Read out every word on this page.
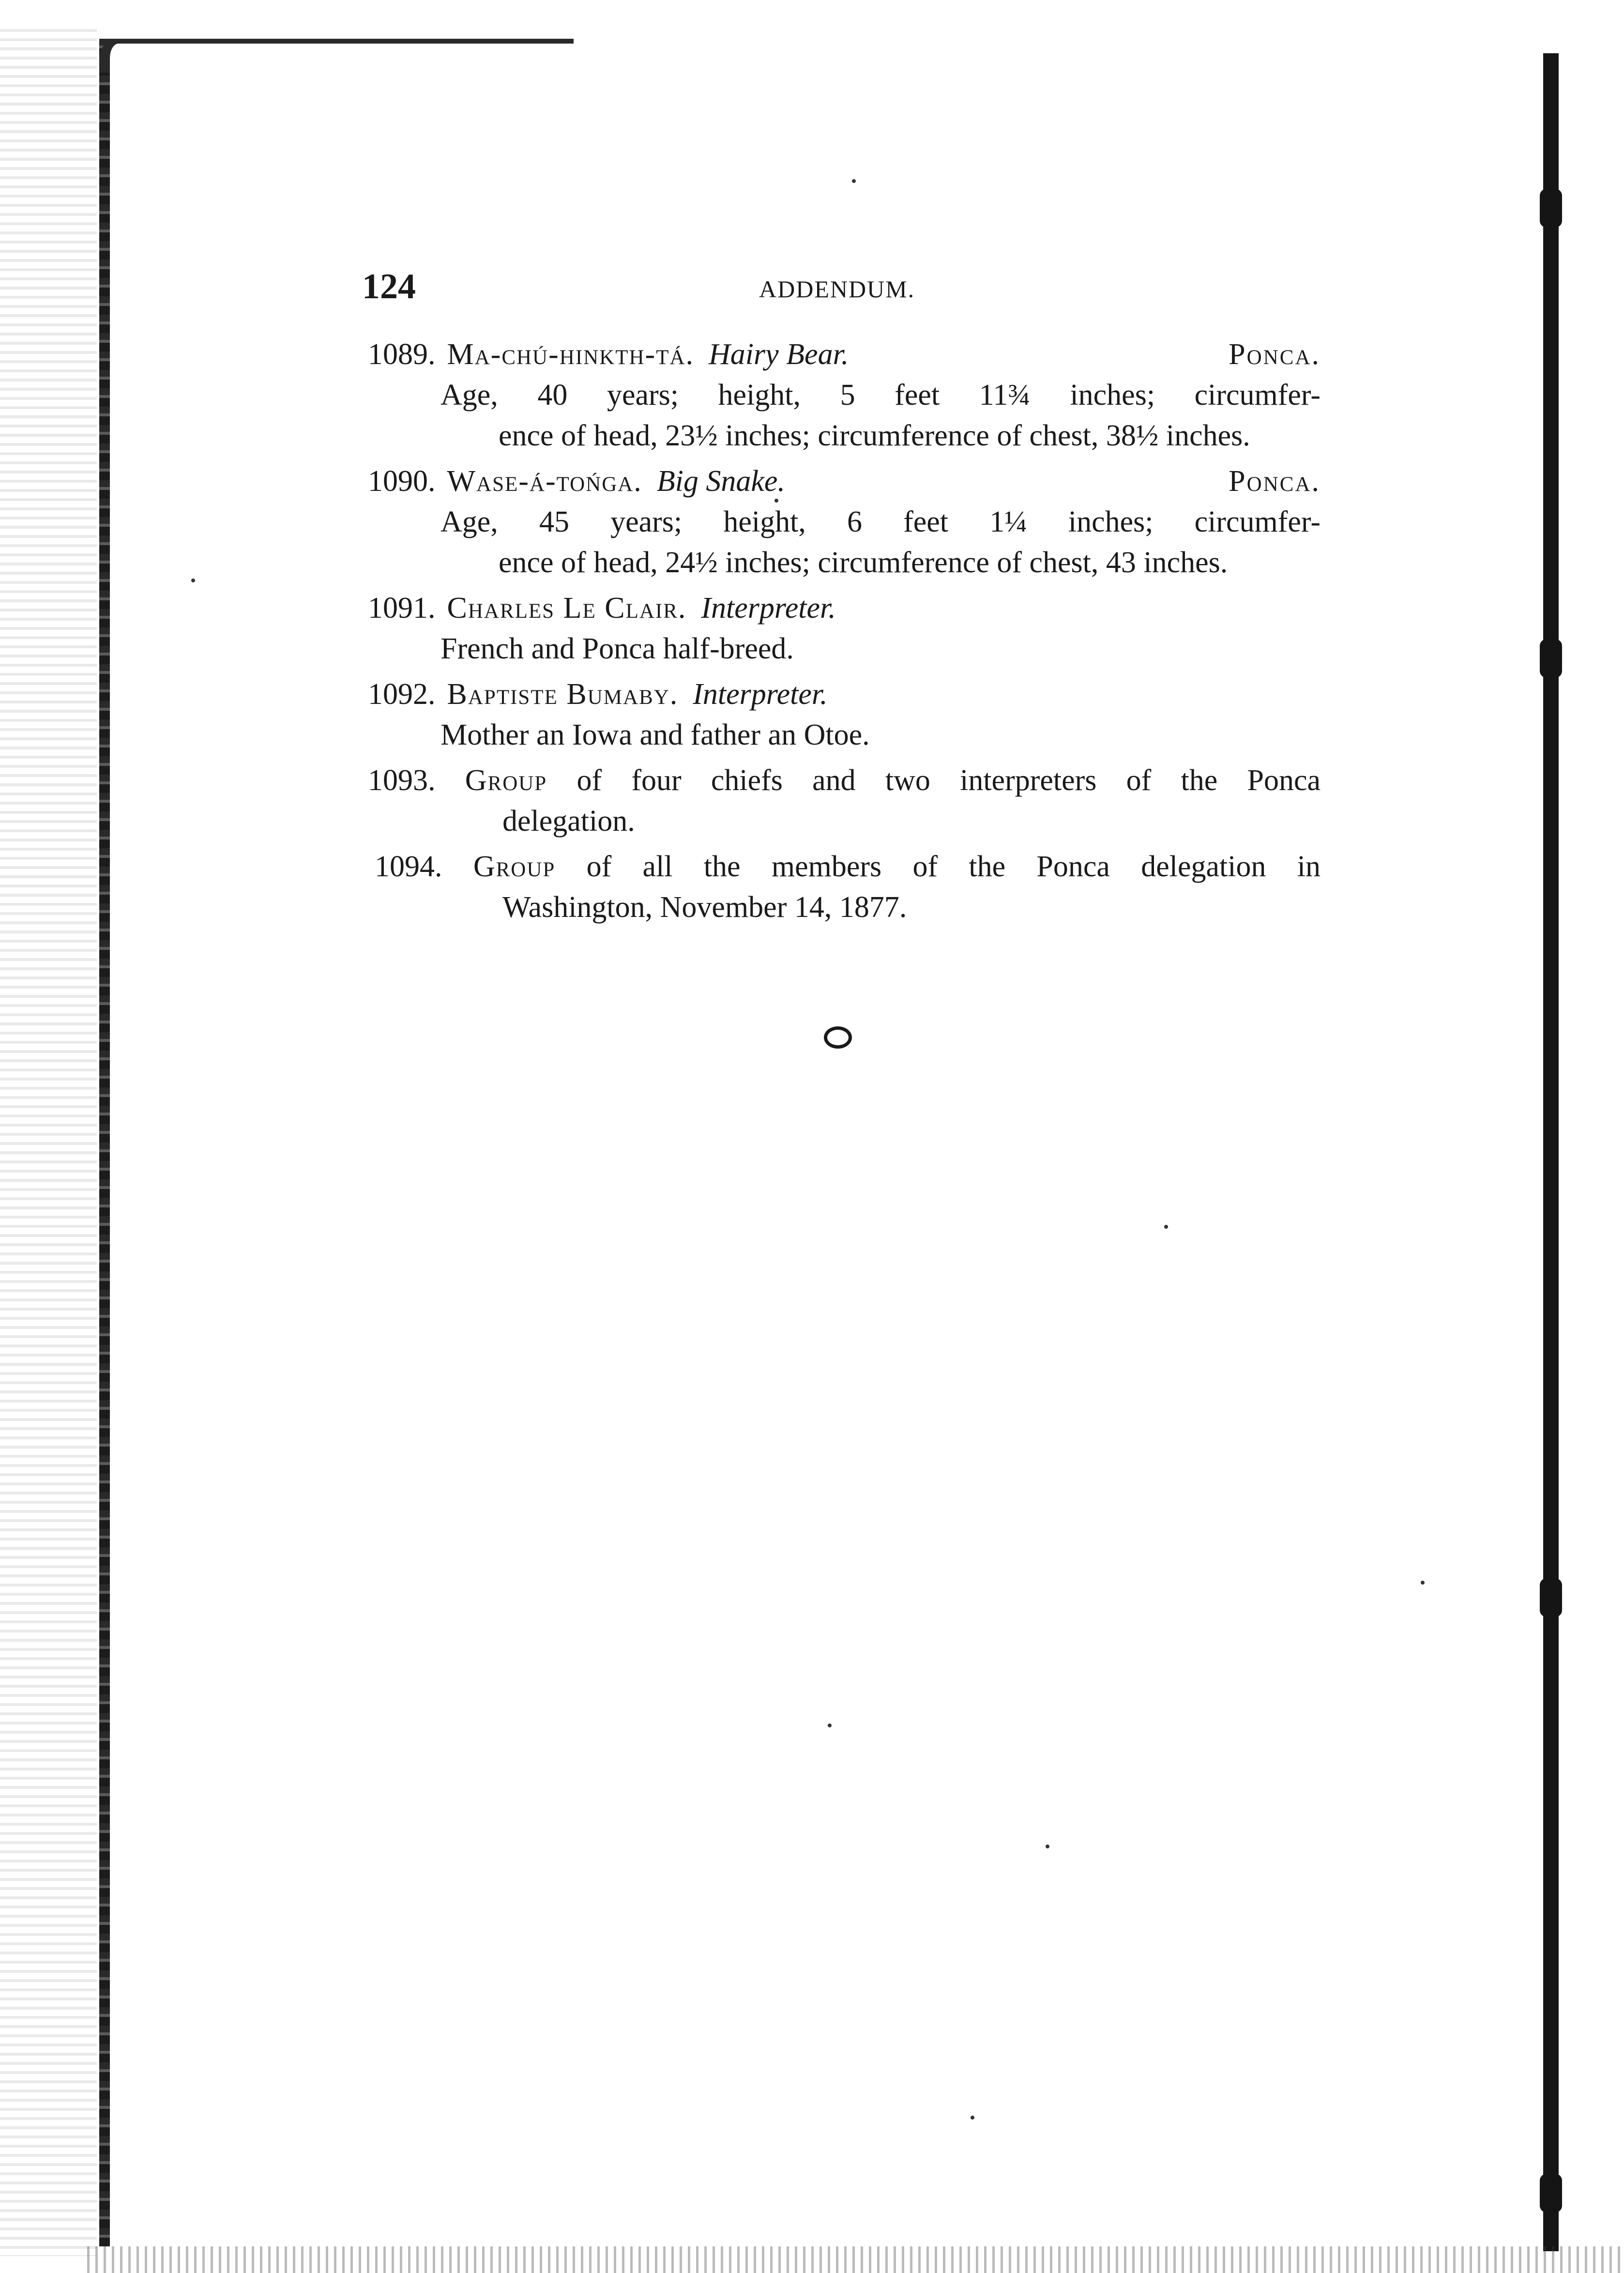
124	ADDENDUM.
1089. Ma-chú-hinkth-tá. Hairy Bear.	Ponca.
Age, 40 years; height, 5 feet 11¾ inches; circumfer-
ence of head, 23½ inches; circumference of chest, 38½ inches.
1090. Wase-á-tońga. Big Snake.	Ponca.
Age, 45 years; height, 6 feet 1¼ inches; circumfer-
ence of head, 24½ inches; circumference of chest, 43 inches.
1091. Charles Le Clair. Interpreter.
French and Ponca half-breed.
1092. Baptiste Bumaby. Interpreter.
Mother an Iowa and father an Otoe.
1093. Group of four chiefs and two interpreters of the Ponca
delegation.
1094. Group of all the members of the Ponca delegation in
Washington, November 14, 1877.
